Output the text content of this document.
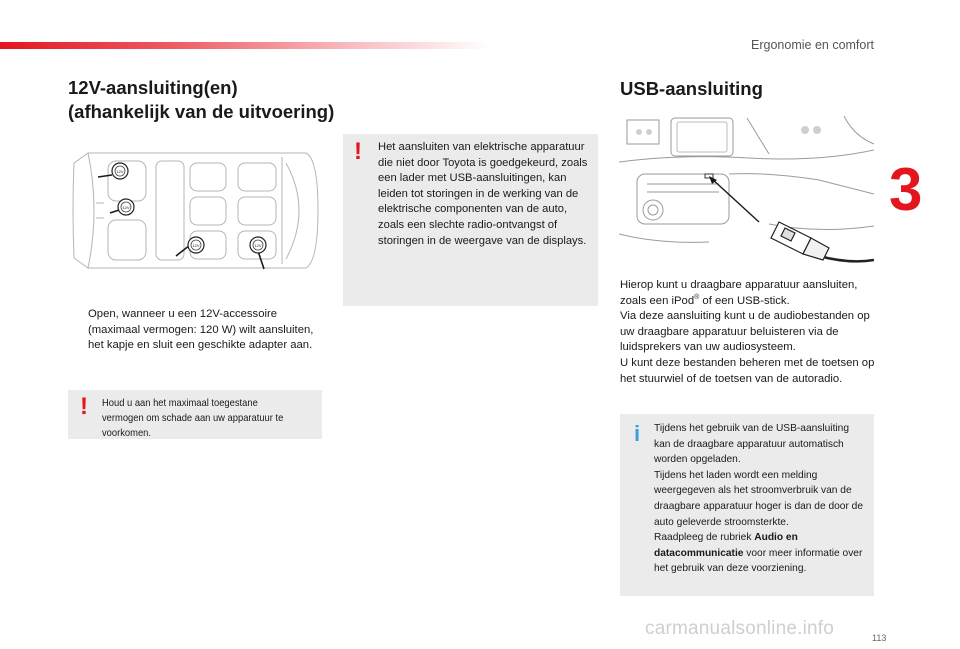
Ergonomie en comfort
3
113
12V-aansluiting(en)
(afhankelijk van de uitvoering)
12V
12V
12V	12V
Open, wanneer u een 12V-accessoire (maximaal vermogen: 120 W) wilt aansluiten, het kapje en sluit een geschikte adapter aan.
! Houd u aan het maximaal toegestane vermogen om schade aan uw apparatuur te voorkomen.
! Het aansluiten van elektrische apparatuur die niet door Toyota is goedgekeurd, zoals een lader met USB-aansluitingen, kan leiden tot storingen in de werking van de elektrische componenten van de auto, zoals een slechte radio-ontvangst of storingen in de weergave van de displays.
USB-aansluiting

Hierop kunt u draagbare apparatuur aansluiten, zoals een iPod® of een USB-stick.

Via deze aansluiting kunt u de audiobestanden op uw draagbare apparatuur beluisteren via de luidsprekers van uw audiosysteem.

U kunt deze bestanden beheren met de toetsen op het stuurwiel of de toetsen van de autoradio.

i Tijdens het gebruik van de USB-aansluiting kan de draagbare apparatuur automatisch worden opgeladen.

Tijdens het laden wordt een melding weergegeven als het stroomverbruik van de draagbare apparatuur hoger is dan de door de auto geleverde stroomsterkte.

Raadpleeg de rubriek Audio en datacommunicatie voor meer informatie over het gebruik van deze voorziening.

carmanualsonline.info
